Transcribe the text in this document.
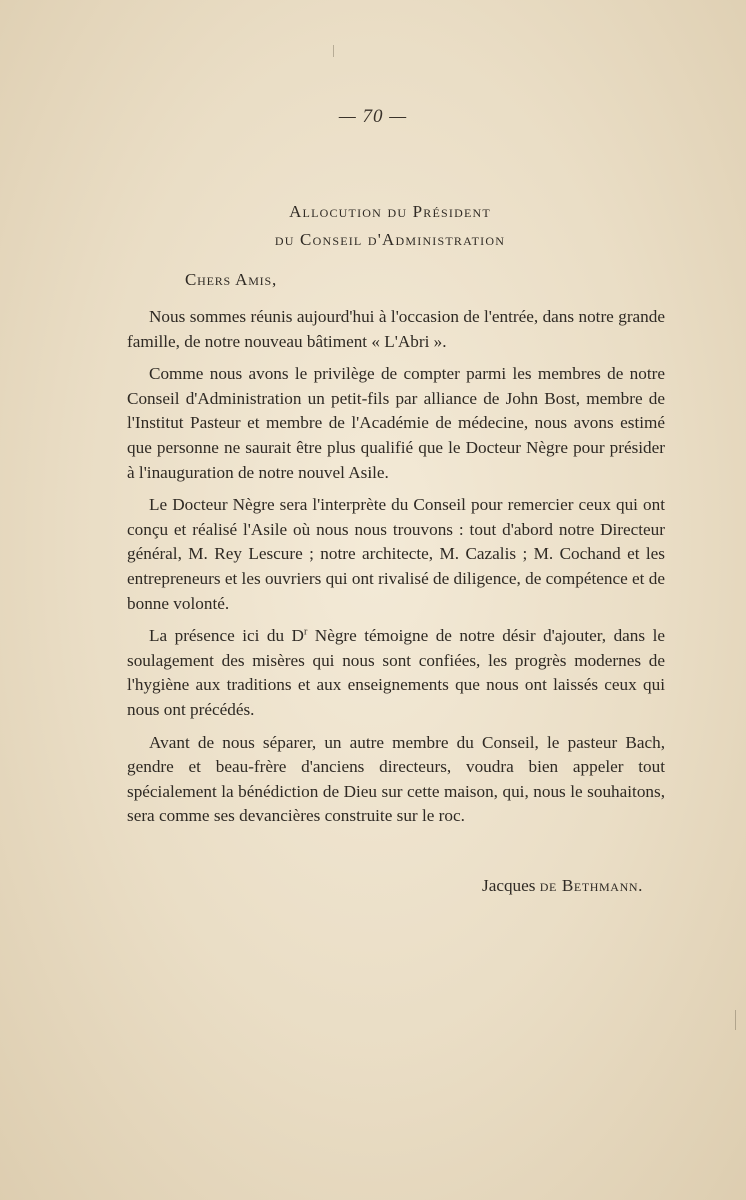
— 70 —
Allocution du Président
du Conseil d'Administration
Chers Amis,

Nous sommes réunis aujourd'hui à l'occasion de l'entrée, dans notre grande famille, de notre nouveau bâtiment « L'Abri ».

Comme nous avons le privilège de compter parmi les membres de notre Conseil d'Administration un petit-fils par alliance de John Bost, membre de l'Institut Pasteur et membre de l'Académie de médecine, nous avons estimé que personne ne saurait être plus qualifié que le Docteur Nègre pour présider à l'inauguration de notre nouvel Asile.

Le Docteur Nègre sera l'interprète du Conseil pour remercier ceux qui ont conçu et réalisé l'Asile où nous nous trouvons : tout d'abord notre Directeur général, M. Rey Lescure ; notre architecte, M. Cazalis ; M. Cochand et les entrepreneurs et les ouvriers qui ont rivalisé de diligence, de compétence et de bonne volonté.

La présence ici du $D^r$ Nègre témoigne de notre désir d'ajouter, dans le soulagement des misères qui nous sont confiées, les progrès modernes de l'hygiène aux traditions et aux enseignements que nous ont laissés ceux qui nous ont précédés.

Avant de nous séparer, un autre membre du Conseil, le pasteur Bach, gendre et beau-frère d'anciens directeurs, voudra bien appeler tout spécialement la bénédiction de Dieu sur cette maison, qui, nous le souhaitons, sera comme ses devancières construite sur le roc.

Jacques de Bethmann.
